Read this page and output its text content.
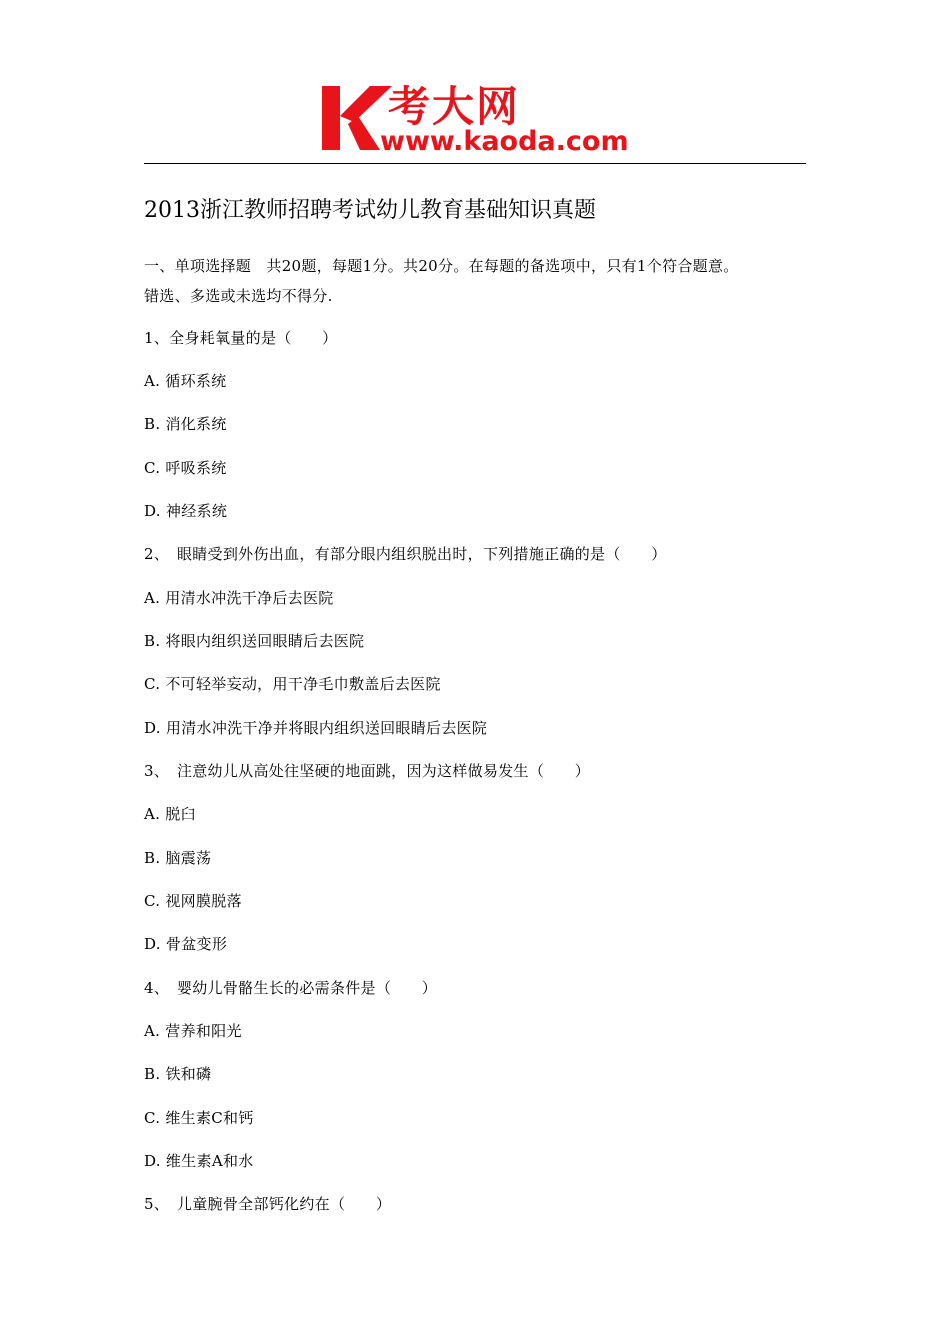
考大网
www.kaoda.com
2013浙江教师招聘考试幼儿教育基础知识真题
一、单项选择题　共20题，每题1分。共20分。在每题的备选项中，只有1个符合题意。
错选、多选或未选均不得分.
1、全身耗氧量的是（　　）
A. 循环系统
B. 消化系统
C. 呼吸系统
D. 神经系统
2、　眼睛受到外伤出血，有部分眼内组织脱出时，下列措施正确的是（　　）
A. 用清水冲洗干净后去医院
B. 将眼内组织送回眼睛后去医院
C. 不可轻举妄动，用干净毛巾敷盖后去医院
D. 用清水冲洗干净并将眼内组织送回眼睛后去医院
3、　注意幼儿从高处往坚硬的地面跳，因为这样做易发生（　　）
A. 脱臼
B. 脑震荡
C. 视网膜脱落
D. 骨盆变形
4、　婴幼儿骨骼生长的必需条件是（　　）
A. 营养和阳光
B. 铁和磷
C. 维生素C和钙
D. 维生素A和水
5、　儿童腕骨全部钙化约在（　　）
